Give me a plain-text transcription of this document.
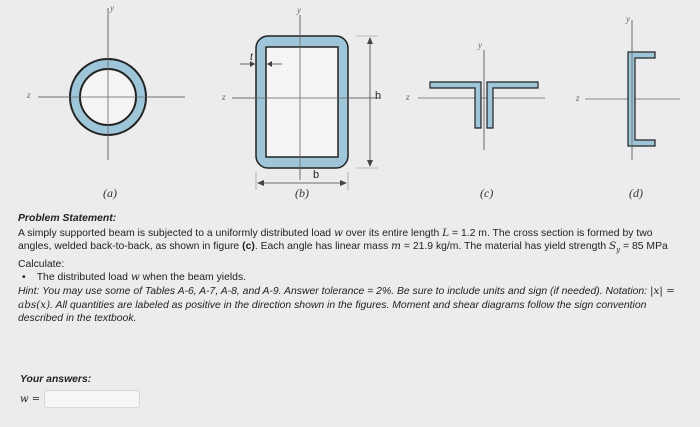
y
z
y
z
y
z
y
z
t
h
b
(a)	(b)	(c)	(d)
Problem Statement:

A simply supported beam is subjected to a uniformly distributed load w over its entire length L = 1.2 m. The cross section is formed by two angles, welded back-to-back, as shown in figure (c). Each angle has linear mass m = 21.9 kg/m. The material has yield strength $S_y = 85$ MPa

Calculate:
• The distributed load w when the beam yields.

Hint: You may use some of Tables A-6, A-7, A-8, and A-9. Answer tolerance = 2%. Be sure to include units and sign (if needed). Notation: |x| = abs(x). All quantities are labeled as positive in the direction shown in the figures. Moment and shear diagrams follow the sign convention described in the textbook.

Your answers:
w =
